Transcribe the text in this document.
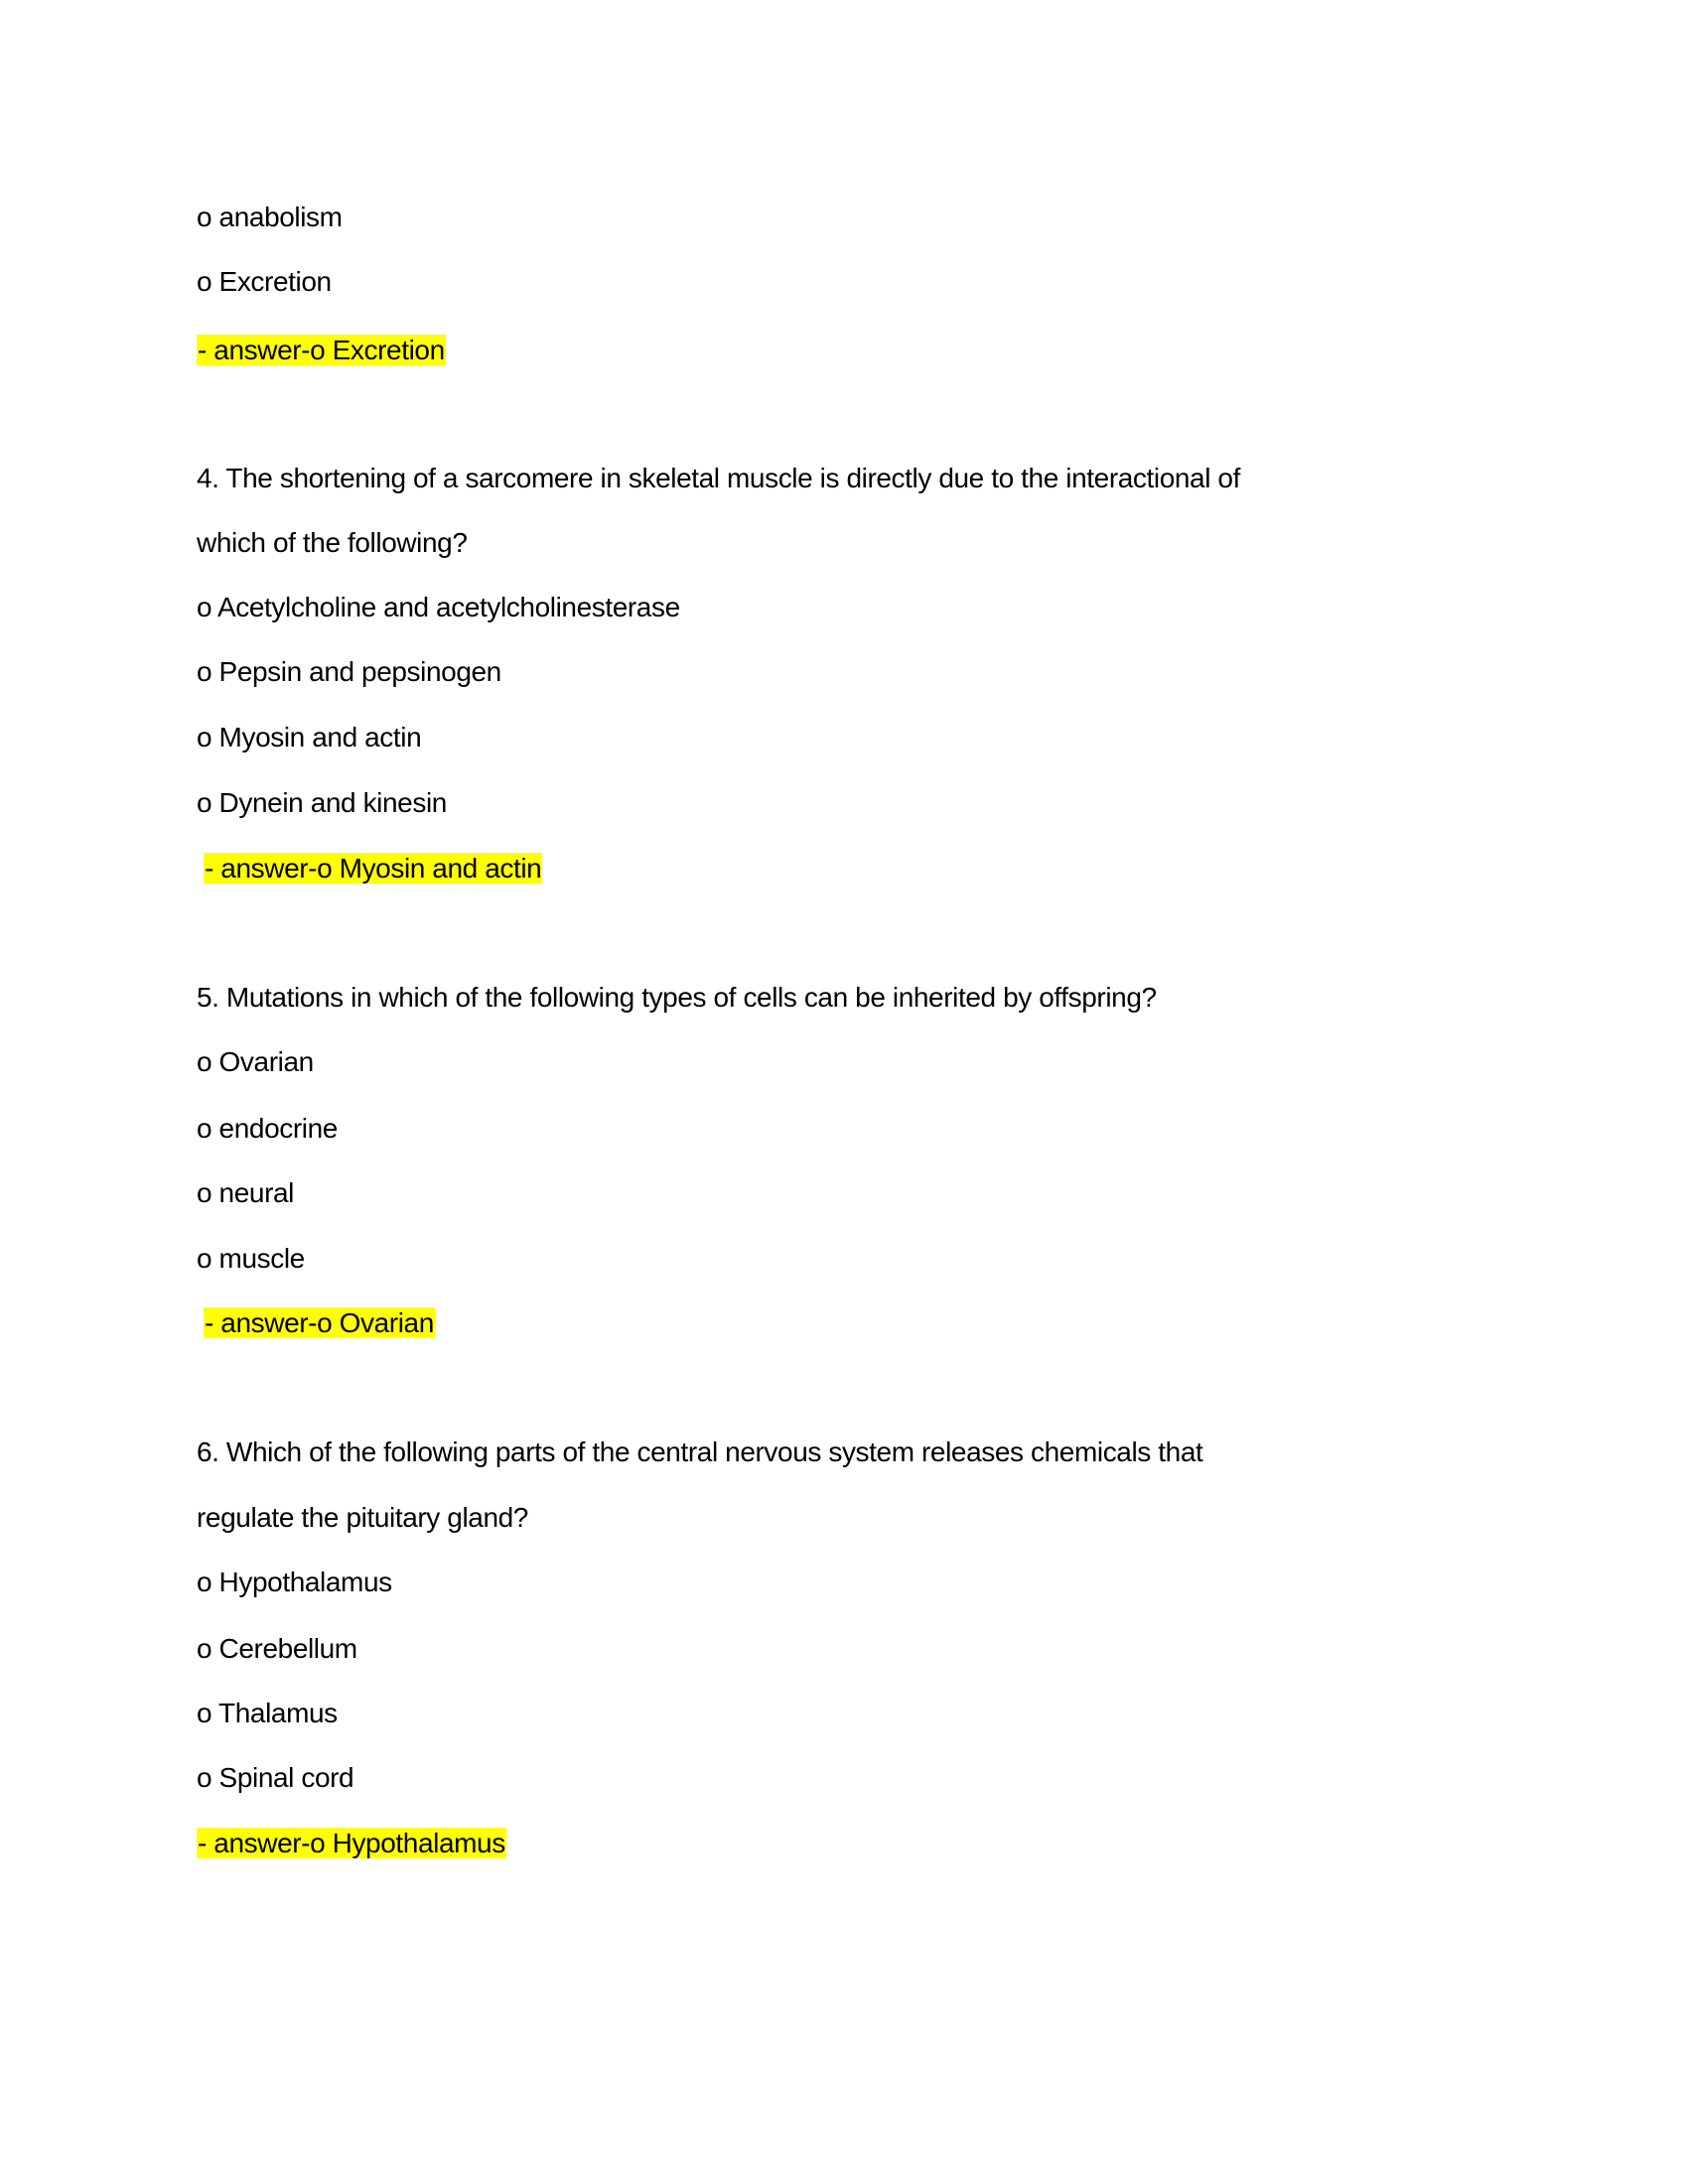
o anabolism
o Excretion
- answer-o Excretion
4. The shortening of a sarcomere in skeletal muscle is directly due to the interactional of
which of the following?
o Acetylcholine and acetylcholinesterase
o Pepsin and pepsinogen
o Myosin and actin
o Dynein and kinesin
- answer-o Myosin and actin
5. Mutations in which of the following types of cells can be inherited by offspring?
o Ovarian
o endocrine
o neural
o muscle
- answer-o Ovarian
6. Which of the following parts of the central nervous system releases chemicals that
regulate the pituitary gland?
o Hypothalamus
o Cerebellum
o Thalamus
o Spinal cord
- answer-o Hypothalamus
